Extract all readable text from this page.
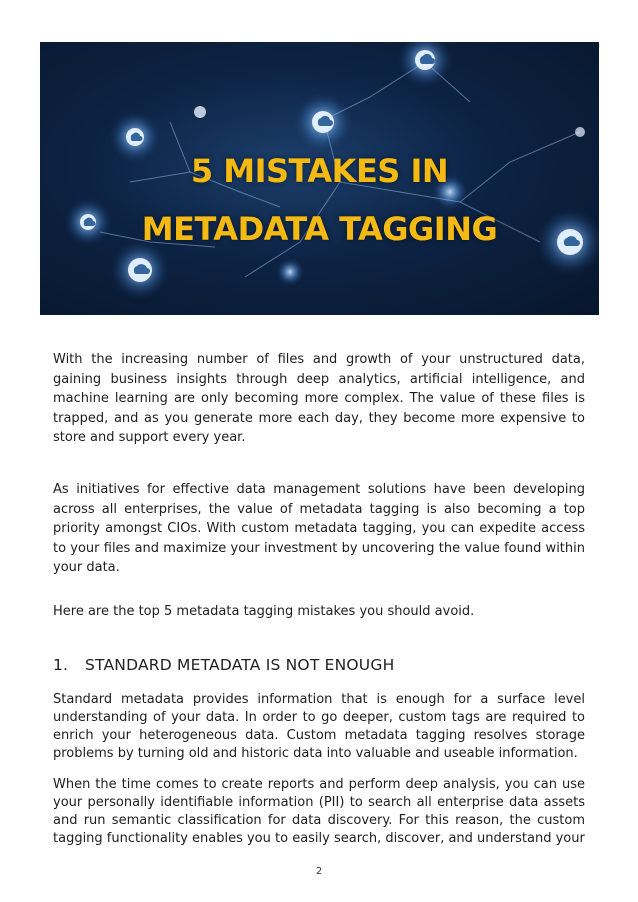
5 MISTAKES IN
METADATA TAGGING

With the increasing number of files and growth of your unstructured data, gaining business insights through deep analytics, artificial intelligence, and machine learning are only becoming more complex. The value of these files is trapped, and as you generate more each day, they become more expensive to store and support every year.

As initiatives for effective data management solutions have been developing across all enterprises, the value of metadata tagging is also becoming a top priority amongst CIOs. With custom metadata tagging, you can expedite access to your files and maximize your investment by uncovering the value found within your data.

Here are the top 5 metadata tagging mistakes you should avoid.

1. STANDARD METADATA IS NOT ENOUGH

Standard metadata provides information that is enough for a surface level understanding of your data. In order to go deeper, custom tags are required to enrich your heterogeneous data. Custom metadata tagging resolves storage problems by turning old and historic data into valuable and useable information.

When the time comes to create reports and perform deep analysis, you can use your personally identifiable information (PII) to search all enterprise data assets and run semantic classification for data discovery. For this reason, the custom tagging functionality enables you to easily search, discover, and understand your

2
